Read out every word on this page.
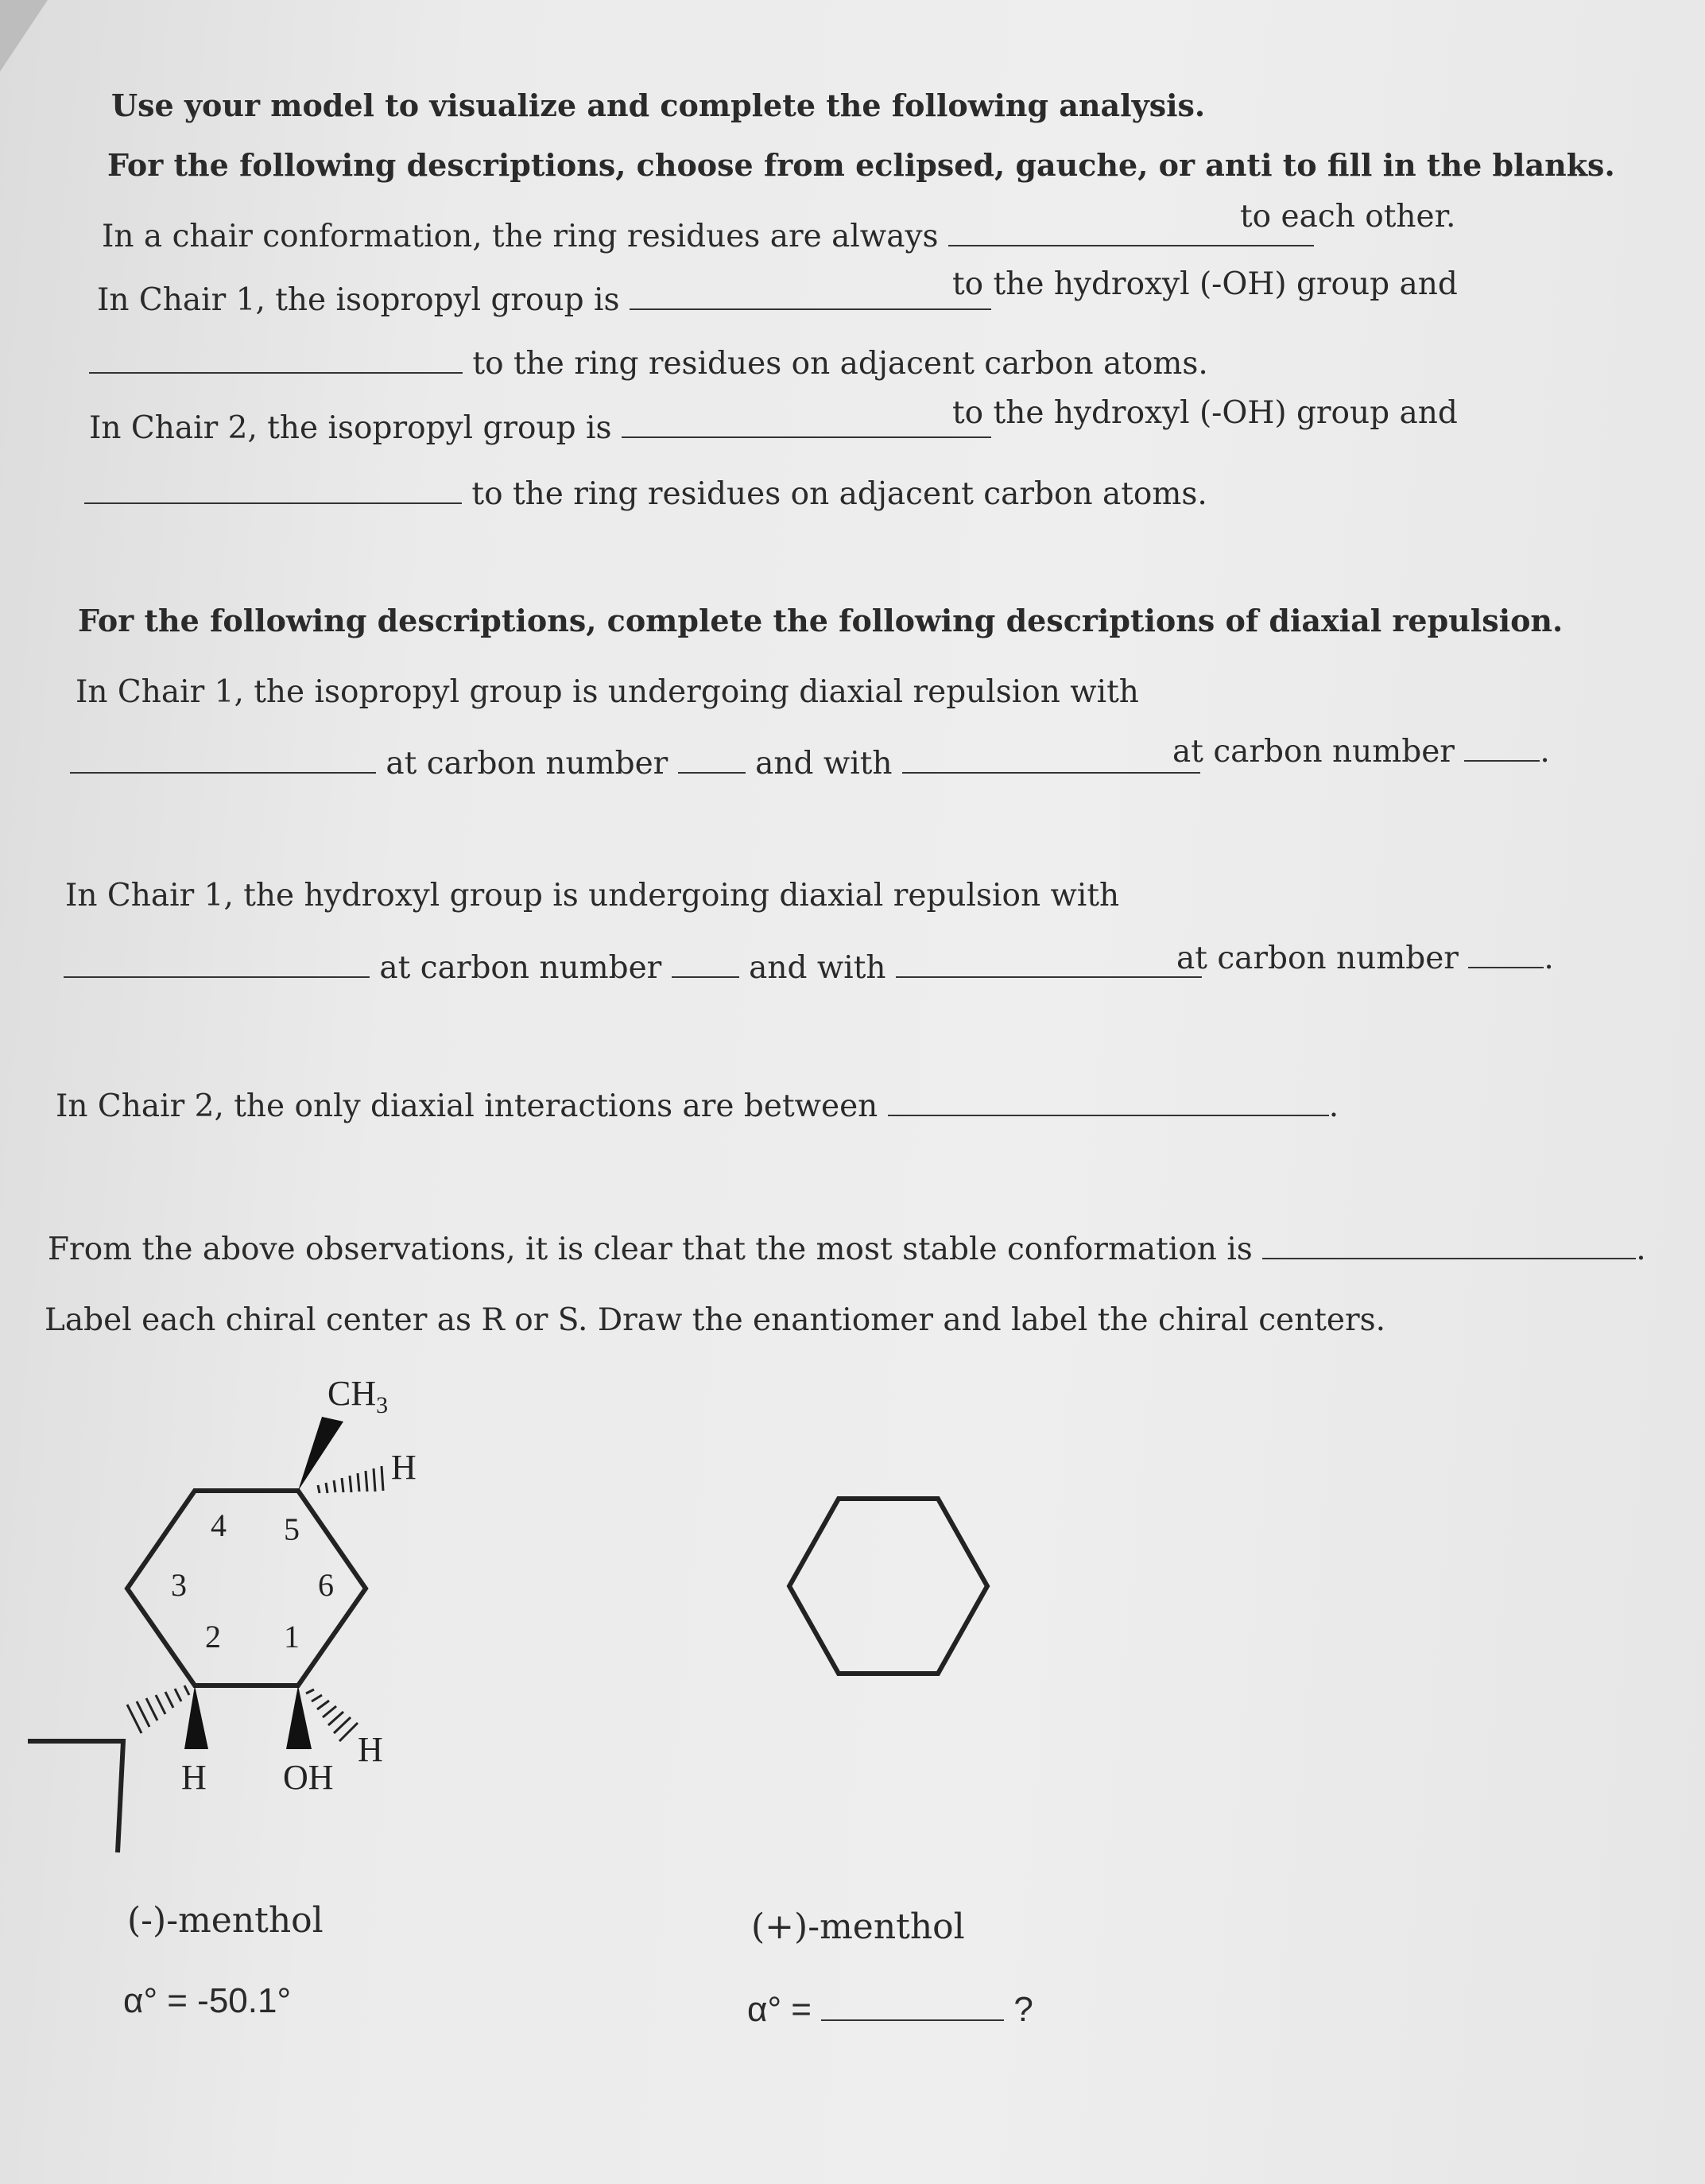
Use your model to visualize and complete the following analysis.
For the following descriptions, choose from eclipsed, gauche, or anti to fill in the blanks.
In a chair conformation, the ring residues are always
to each other.
In Chair 1, the isopropyl group is	to the hydroxyl (-OH) group and
to the ring residues on adjacent carbon atoms.
In Chair 2, the isopropyl group is	to the hydroxyl (-OH) group and
to the ring residues on adjacent carbon atoms.
For the following descriptions, complete the following descriptions of diaxial repulsion.
In Chair 1, the isopropyl group is undergoing diaxial repulsion with
at carbon number	and with	at carbon number	.
In Chair 1, the hydroxyl group is undergoing diaxial repulsion with
at carbon number	and with	at carbon number	.
In Chair 2, the only diaxial interactions are between	.
From the above observations, it is clear that the most stable conformation is	.
Label each chiral center as R or S. Draw the enantiomer and label the chiral centers.
$CH_3$
H
H OH
H
1
2
3
4 5
6
(-)-menthol
α° = -50.1°
(+)-menthol
α° =	?
